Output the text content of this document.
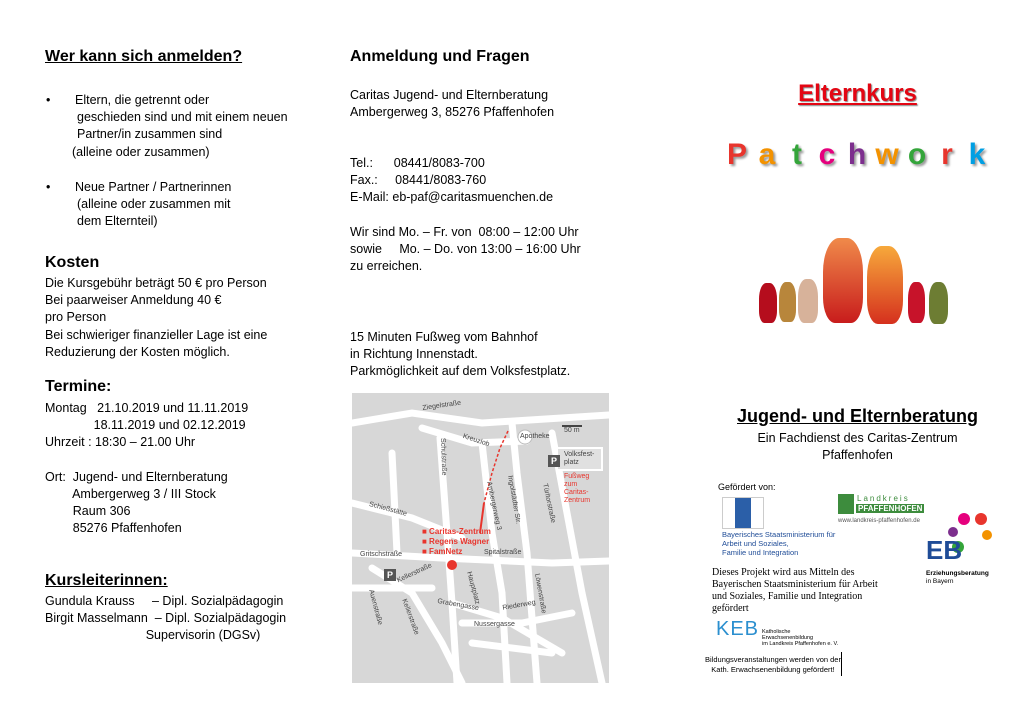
Wer kann sich anmelden?
• Eltern, die getrennt oder
geschieden sind und mit einem neuen
Partner/in zusammen sind
(alleine oder zusammen)
• Neue Partner / Partnerinnen
(alleine oder zusammen mit
dem Elternteil)
Kosten
Die Kursgebühr beträgt 50 € pro Person
Bei paarweiser Anmeldung 40 €
pro Person
Bei schwieriger finanzieller Lage ist eine
Reduzierung der Kosten möglich.
Termine:
Montag   21.10.2019 und 11.11.2019
18.11.2019 und 02.12.2019
Uhrzeit : 18:30 – 21.00 Uhr
Ort:  Jugend- und Elternberatung
Ambergerweg 3 / III Stock
Raum 306
85276 Pfaffenhofen
Kursleiterinnen:
Gundula Krauss     – Dipl. Sozialpädagogin
Birgit Masselmann  – Dipl. Sozialpädagogin
Supervisorin (DGSv)
Anmeldung und Fragen
Caritas Jugend- und Elternberatung
Ambergerweg 3, 85276 Pfaffenhofen
Tel.:      08441/8083-700
Fax.:     08441/8083-760
E-Mail: eb-paf@caritasmuenchen.de
Wir sind Mo. – Fr. von  08:00 – 12:00 Uhr
sowie     Mo. – Do. von 13:00 – 16:00 Uhr
zu erreichen.
15 Minuten Fußweg vom Bahnhof
in Richtung Innenstadt.
Parkmöglichkeit auf dem Volksfestplatz.
Ziegelstraße
Kreuzlob	Apotheke
P
Volksfest-
platz
Fußweg
zum
Caritas-
Zentrum
Schulstraße
Ambergerweg 3 Ingolstädter Str.	Türltorstraße
Schießstätte
Spitalstraße
Gritschstraße
Kellerstraße
Kellerstraße
Hauptplatz
Riederweg
Grabengasse
Nussergasse
Löwenstraße
Auenstraße
50 m
■ Caritas-Zentrum
■ Regens Wagner
■ FamNetz
P
Elternkurs
P a t c h w o r k
Jugend- und Elternberatung
Ein Fachdienst des Caritas-Zentrum
Pfaffenhofen
Gefördert von:
Bayerisches Staatsministerium für
Arbeit und Soziales,
Familie und Integration
Landkreis
PFAFFENHOFEN
www.landkreis-pfaffenhofen.de
Dieses Projekt wird aus Mitteln des
Bayerischen Staatsministerium für Arbeit
und Soziales, Familie und Integration
gefördert
EB
Erziehungsberatung
in Bayern
KEB Katholische
Erwachsenenbildung
im Landkreis Pfaffenhofen e. V.
Bildungsveranstaltungen werden von der
Kath. Erwachsenenbildung gefördert!
